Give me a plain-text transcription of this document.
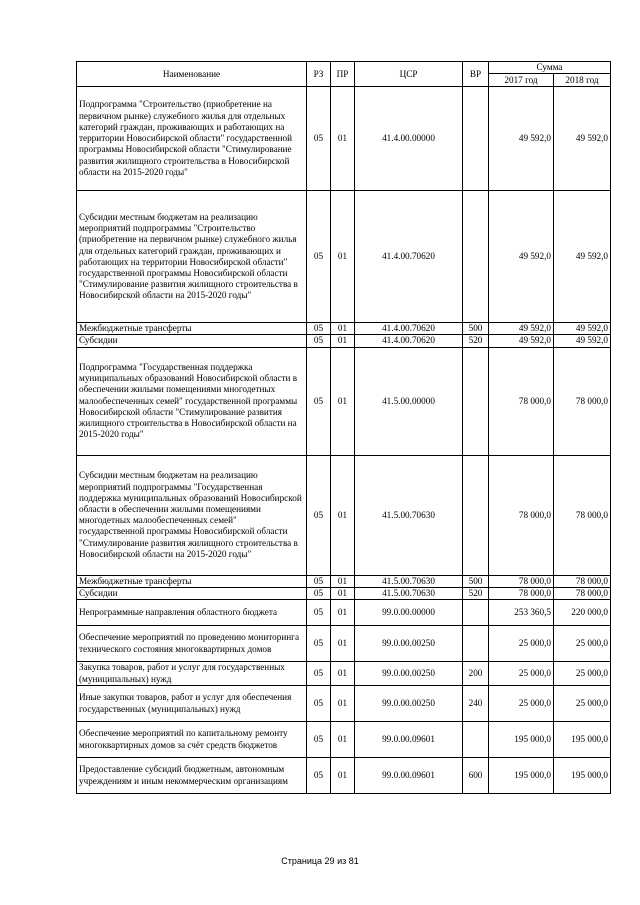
Наименование	РЗ	ПР	ЦСР	ВР	Сумма	
					2017 год	2018 год
Подпрограмма "Строительство (приобретение на первичном рынке) служебного жилья для отдельных категорий граждан, проживающих и работающих на территории Новосибирской области" государственной программы Новосибирской области "Стимулирование развития жилищного строительства в Новосибирской области на 2015-2020 годы"	05	01	41.4.00.00000		49 592,0	49 592,0
Субсидии местным бюджетам на реализацию мероприятий подпрограммы "Строительство (приобретение на первичном рынке) служебного жилья для отдельных категорий граждан, проживающих и работающих на территории Новосибирской области" государственной программы Новосибирской области "Стимулирование развития жилищного строительства в Новосибирской области на 2015-2020 годы"	05	01	41.4.00.70620		49 592,0	49 592,0
Межбюджетные трансферты	05	01	41.4.00.70620	500	49 592,0	49 592,0
Субсидии	05	01	41.4.00.70620	520	49 592,0	49 592,0
Подпрограмма "Государственная поддержка муниципальных образований Новосибирской области в обеспечении жилыми помещениями многодетных малообеспеченных семей" государственной программы Новосибирской области "Стимулирование развития жилищного строительства в Новосибирской области на 2015-2020 годы"	05	01	41.5.00.00000		78 000,0	78 000,0
Субсидии местным бюджетам на реализацию мероприятий подпрограммы "Государственная поддержка муниципальных образований Новосибирской области в обеспечении жилыми помещениями многодетных малообеспеченных семей" государственной программы Новосибирской области "Стимулирование развития жилищного строительства в Новосибирской области на 2015-2020 годы"	05	01	41.5.00.70630		78 000,0	78 000,0
Межбюджетные трансферты	05	01	41.5.00.70630	500	78 000,0	78 000,0
Субсидии	05	01	41.5.00.70630	520	78 000,0	78 000,0
Непрограммные направления областного бюджета	05	01	99.0.00.00000		253 360,5	220 000,0
Обеспечение мероприятий по проведению мониторинга технического состояния многоквартирных домов	05	01	99.0.00.00250		25 000,0	25 000,0
Закупка товаров, работ и услуг для государственных (муниципальных) нужд	05	01	99.0.00.00250	200	25 000,0	25 000,0
Иные закупки товаров, работ и услуг для обеспечения государственных (муниципальных) нужд	05	01	99.0.00.00250	240	25 000,0	25 000,0
Обеспечение мероприятий по капитальному ремонту многоквартирных домов за счёт средств бюджетов	05	01	99.0.00.09601		195 000,0	195 000,0
Предоставление субсидий бюджетным, автономным учреждениям и иным некоммерческим организациям	05	01	99.0.00.09601	600	195 000,0	195 000,0
Страница 29 из 81
